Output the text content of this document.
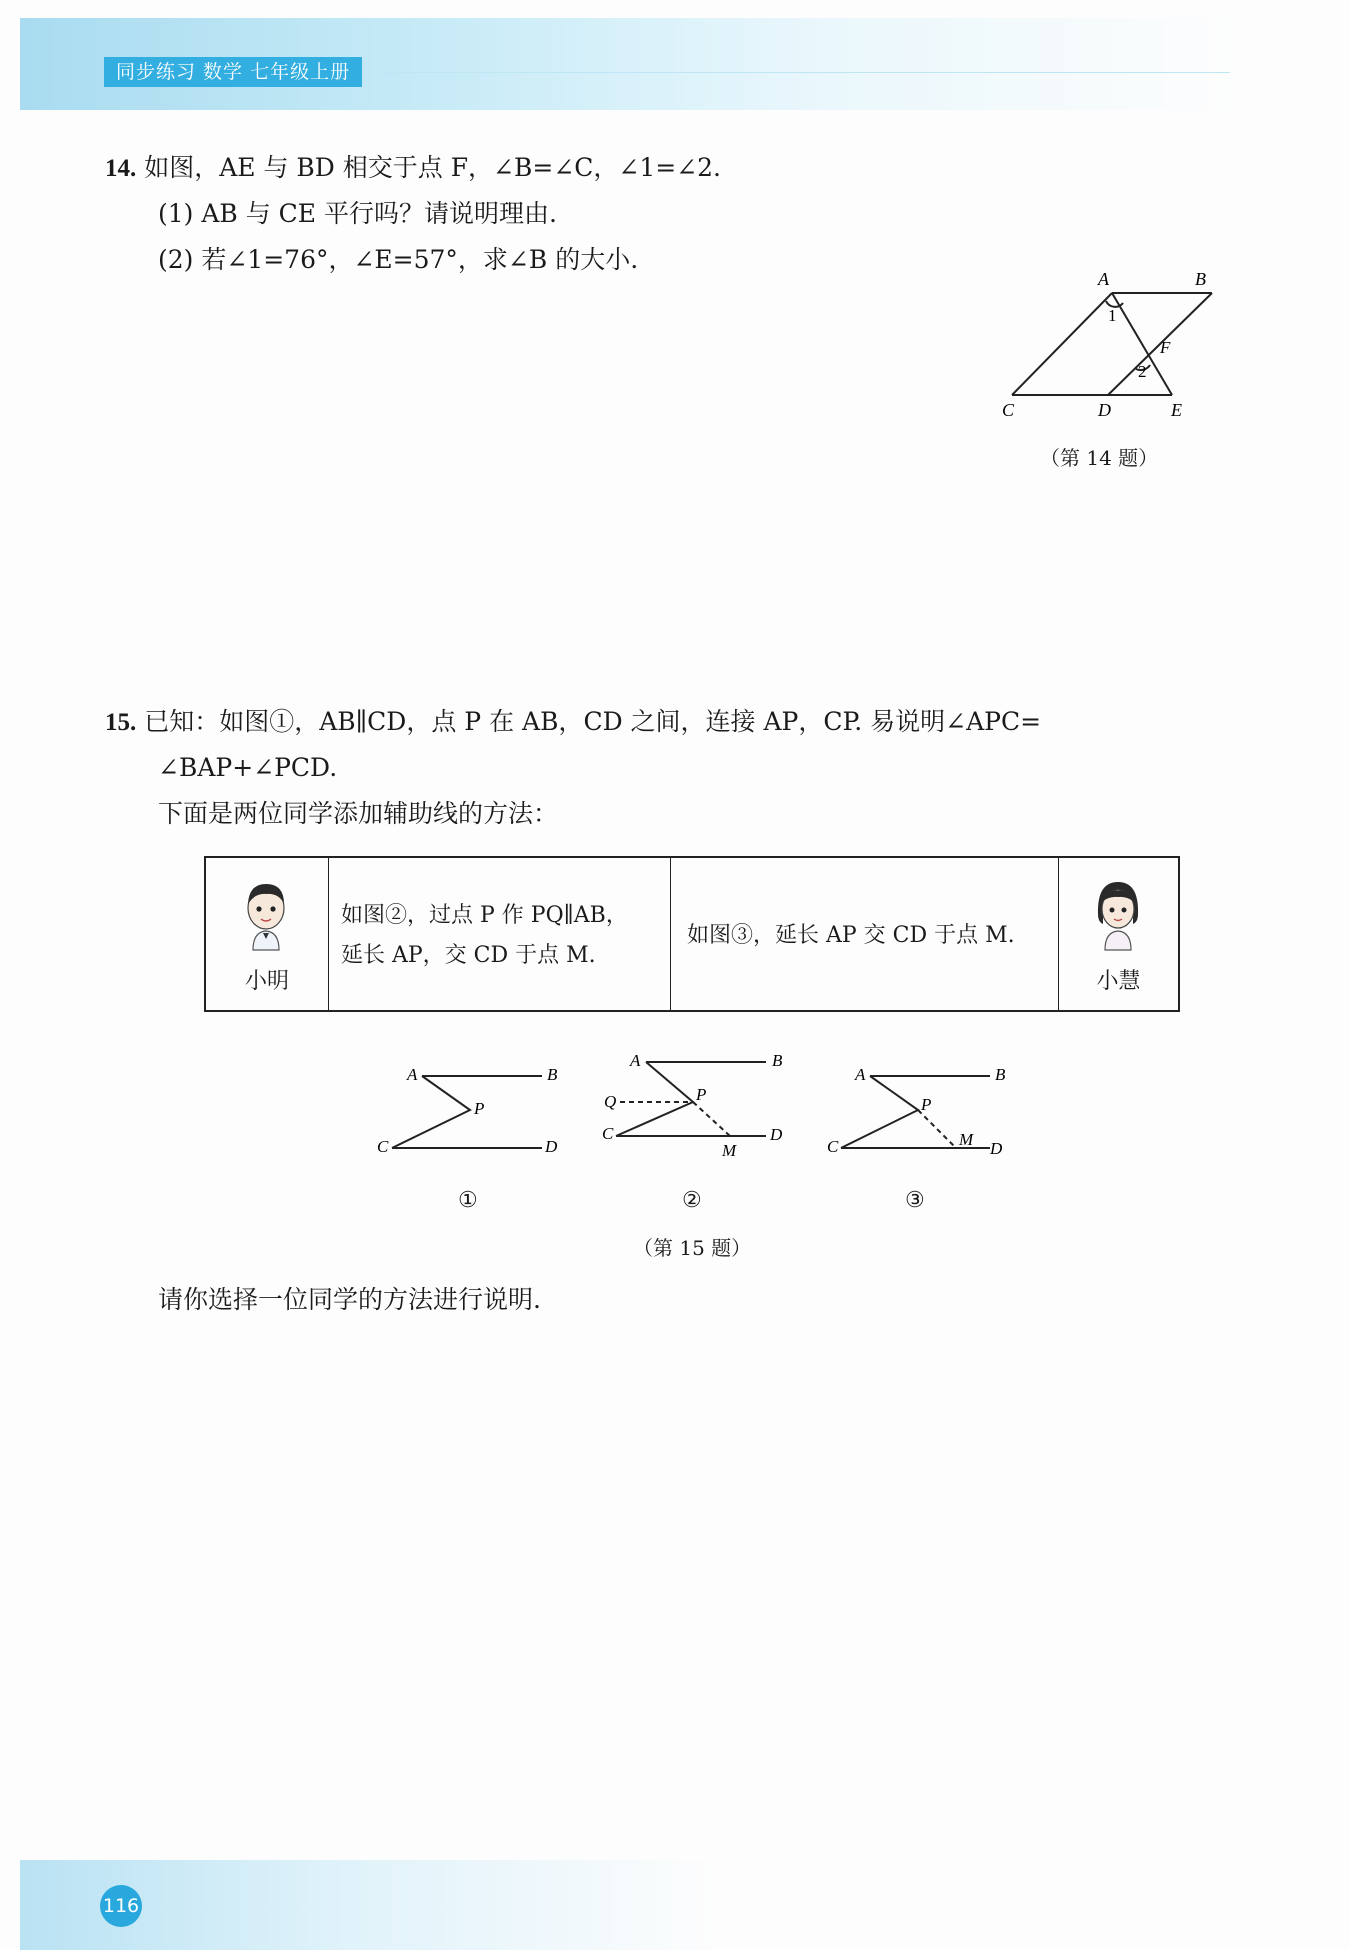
同步练习 数学 七年级上册
14. 如图，AE 与 BD 相交于点 F，∠B=∠C，∠1=∠2.
(1) AB 与 CE 平行吗？请说明理由.
(2) 若∠1=76°，∠E=57°，求∠B 的大小.
A	B
C	D	E
F
1
2
（第 14 题）
15. 已知：如图①，AB∥CD，点 P 在 AB，CD 之间，连接 AP，CP. 易说明∠APC=
∠BAP+∠PCD.
下面是两位同学添加辅助线的方法：
小明
如图②，过点 P 作 PQ∥AB，
延长 AP，交 CD 于点 M.
如图③，延长 AP 交 CD 于点 M.
小慧
A	B
P
C	D
A	B
Q	P
C	D
M
A	B
P
C	M D
①	②	③
（第 15 题）
请你选择一位同学的方法进行说明.
116
